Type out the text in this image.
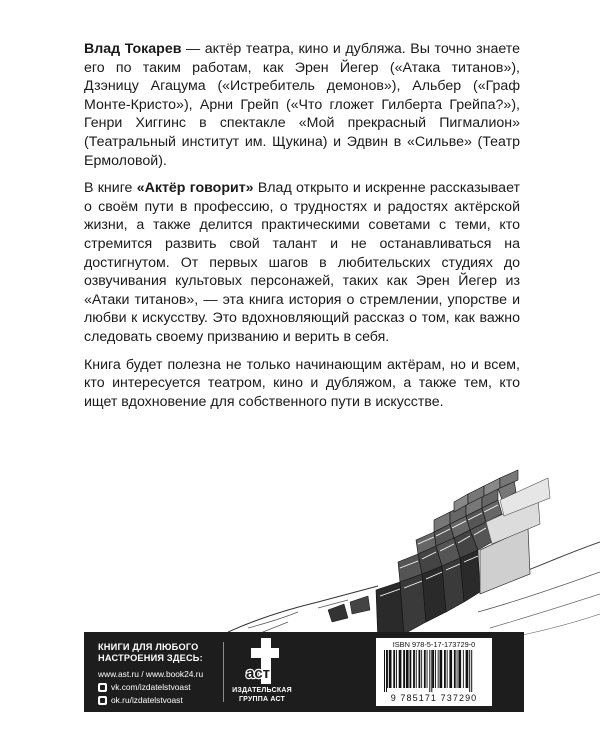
Влад Токарев — актёр театра, кино и дубляжа. Вы точно знаете его по таким работам, как Эрен Йегер («Атака титанов»), Дзэницу Агацума («Истребитель демонов»), Альбер («Граф Монте-Кристо»), Арни Грейп («Что гложет Гилберта Грейпа?»), Генри Хиггинс в спектакле «Мой прекрасный Пигмалион» (Театральный институт им. Щукина) и Эдвин в «Сильве» (Театр Ермоловой).

В книге «Актёр говорит» Влад открыто и искренне рассказывает о своём пути в профессию, о трудностях и радостях актёрской жизни, а также делится практическими советами с теми, кто стремится развить свой талант и не останавливаться на достигнутом. От первых шагов в любительских студиях до озвучивания культовых персонажей, таких как Эрен Йегер из «Атаки титанов», — эта книга история о стремлении, упорстве и любви к искусству. Это вдохновляющий рассказ о том, как важно следовать своему призванию и верить в себя.

Книга будет полезна не только начинающим актёрам, но и всем, кто интересуется театром, кино и дубляжом, а также тем, кто ищет вдохновение для собственного пути в искусстве.

КНИГИ ДЛЯ ЛЮБОГО НАСТРОЕНИЯ ЗДЕСЬ:
www.ast.ru / www.book24.ru
vk.com/izdatelstvoast
ok.ru/izdatelstvoast
аст
ИЗДАТЕЛЬСКАЯ
ГРУППА АСТ
ISBN 978-5-17-173729-0
9 785171 737290
